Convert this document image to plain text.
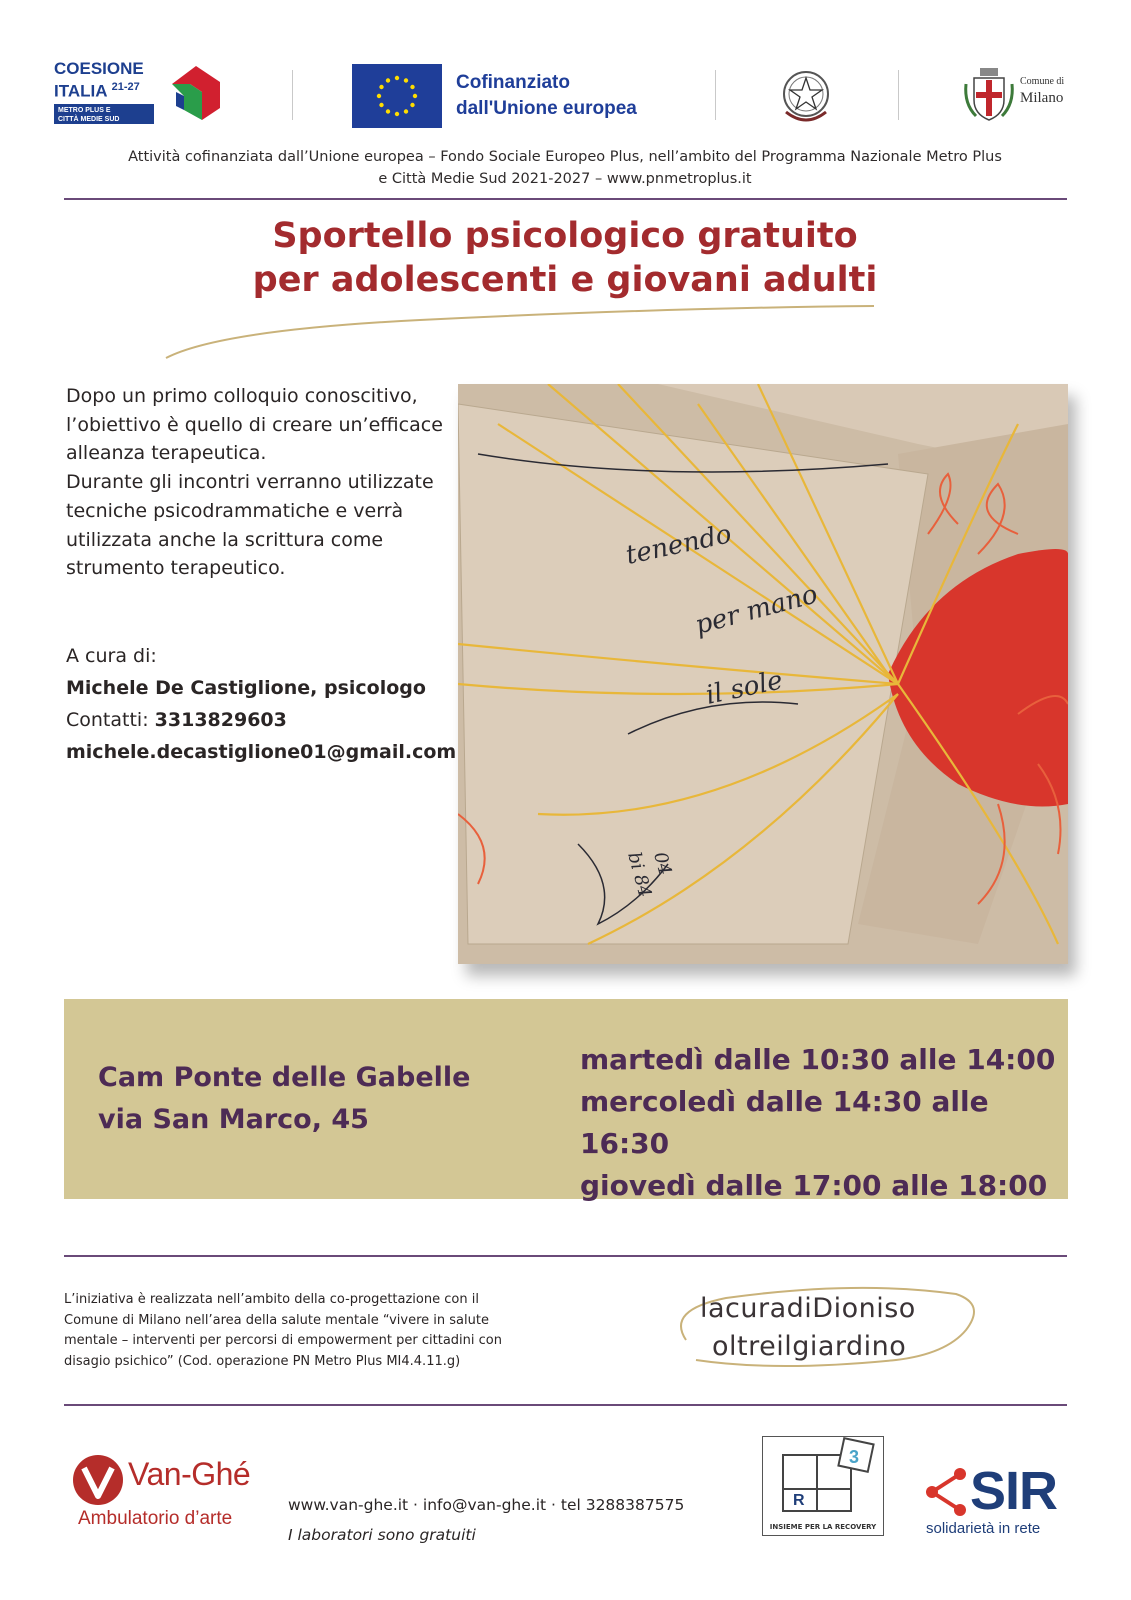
COESIONE
ITALIA $^{21-27}$
METRO PLUS E
CITTÀ MEDIE SUD
Cofinanziato
dall'Unione europea
Comune di
Milano
Attività cofinanziata dall’Unione europea – Fondo Sociale Europeo Plus, nell’ambito del Programma Nazionale Metro Plus
e Città Medie Sud 2021-2027 – www.pnmetroplus.it
Sportello psicologico gratuito
per adolescenti e giovani adulti
Dopo un primo colloquio conoscitivo,
l’obiettivo è quello di creare un’efficace
alleanza terapeutica.
Durante gli incontri verranno utilizzate
tecniche psicodrammatiche e verrà
utilizzata anche la scrittura come
strumento terapeutico.
A cura di:
Michele De Castiglione, psicologo
Contatti: 3313829603
michele.decastiglione01@gmail.com
tenendo
per mano
il sole
bi 84
04
Cam Ponte delle Gabelle
via San Marco, 45
martedì dalle 10:30 alle 14:00
mercoledì dalle 14:30 alle 16:30
giovedì dalle 17:00 alle 18:00
L’iniziativa è realizzata nell’ambito della co-progettazione con il
Comune di Milano nell’area della salute mentale “vivere in salute
mentale – interventi per percorsi di empowerment per cittadini con
disagio psichico” (Cod. operazione PN Metro Plus MI4.4.11.g)
lacuradiDioniso
oltreilgiardino
Van-Ghé
Ambulatorio d’arte
www.van-ghe.it · info@van-ghe.it · tel 3288387575
I laboratori sono gratuiti
3
R
INSIEME PER LA RECOVERY
SIR
solidarietà in rete
